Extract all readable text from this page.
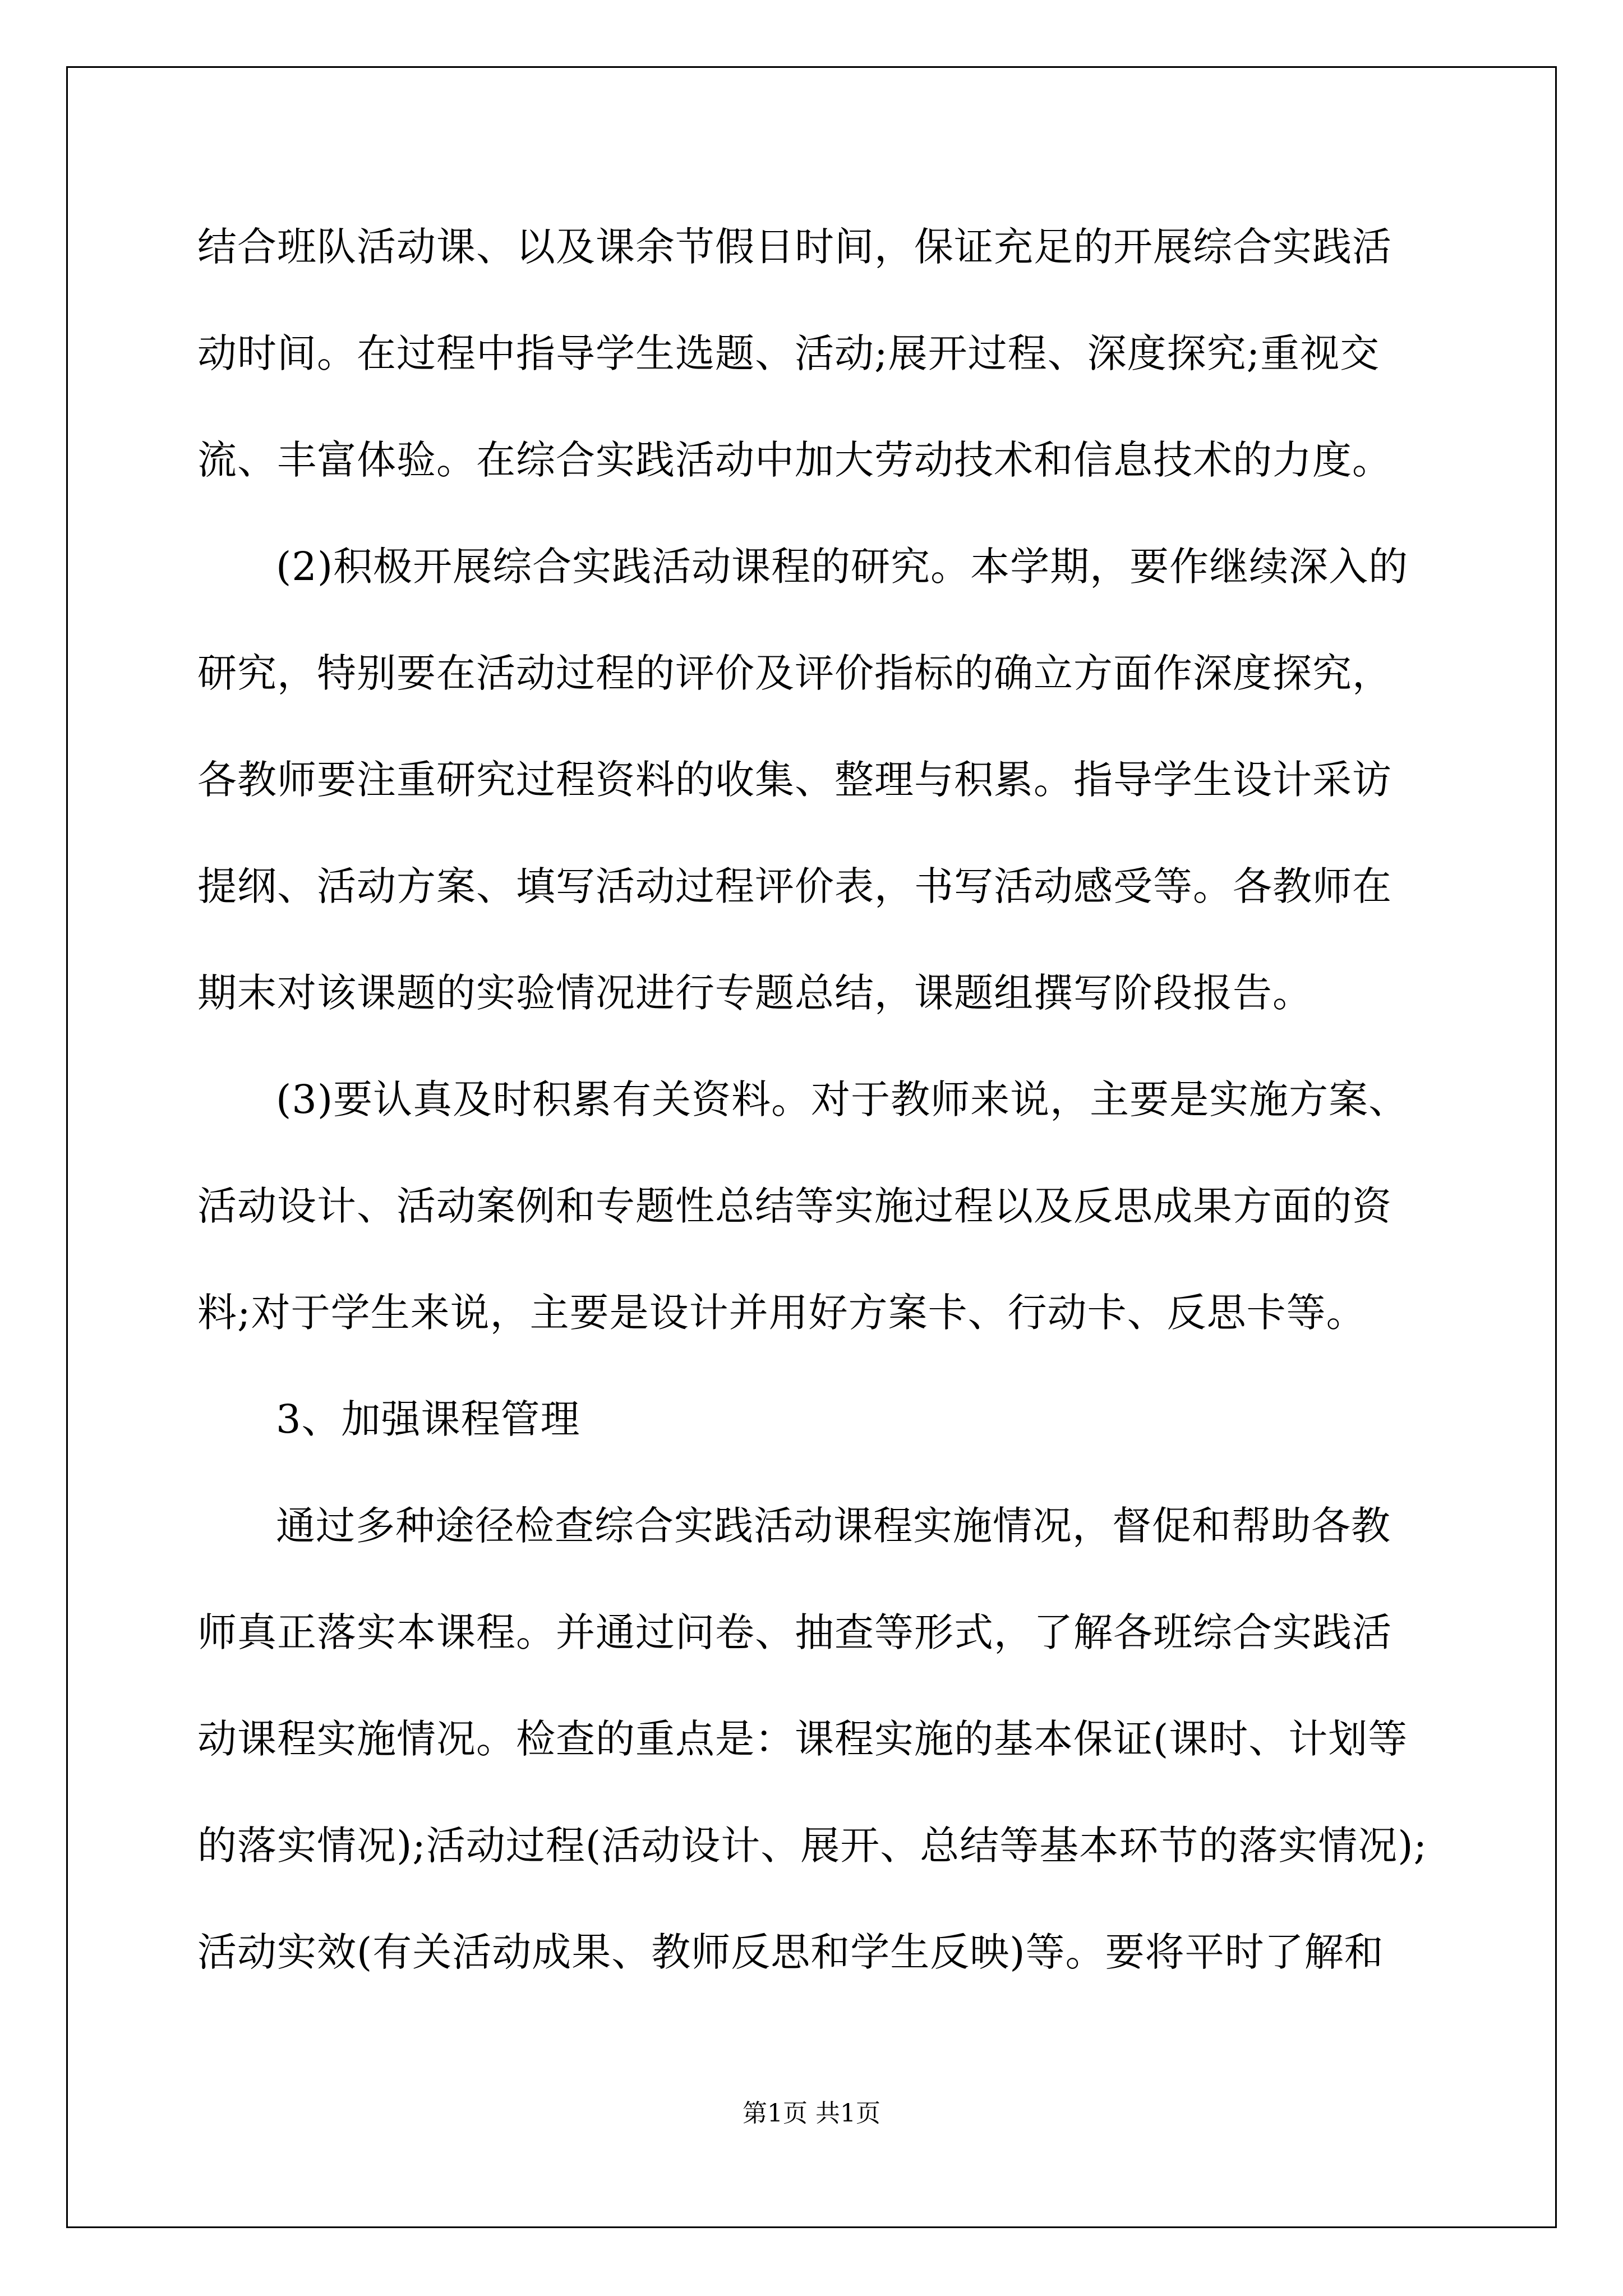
结合班队活动课、以及课余节假日时间，保证充足的开展综合实践活
动时间。在过程中指导学生选题、活动;展开过程、深度探究;重视交
流、丰富体验。在综合实践活动中加大劳动技术和信息技术的力度。
(2)积极开展综合实践活动课程的研究。本学期，要作继续深入的
研究，特别要在活动过程的评价及评价指标的确立方面作深度探究，
各教师要注重研究过程资料的收集、整理与积累。指导学生设计采访
提纲、活动方案、填写活动过程评价表，书写活动感受等。各教师在
期末对该课题的实验情况进行专题总结，课题组撰写阶段报告。
(3)要认真及时积累有关资料。对于教师来说，主要是实施方案、
活动设计、活动案例和专题性总结等实施过程以及反思成果方面的资
料;对于学生来说，主要是设计并用好方案卡、行动卡、反思卡等。
3、加强课程管理
通过多种途径检查综合实践活动课程实施情况，督促和帮助各教
师真正落实本课程。并通过问卷、抽查等形式，了解各班综合实践活
动课程实施情况。检查的重点是：课程实施的基本保证(课时、计划等
的落实情况);活动过程(活动设计、展开、总结等基本环节的落实情况);
活动实效(有关活动成果、教师反思和学生反映)等。要将平时了解和
第1页 共1页
